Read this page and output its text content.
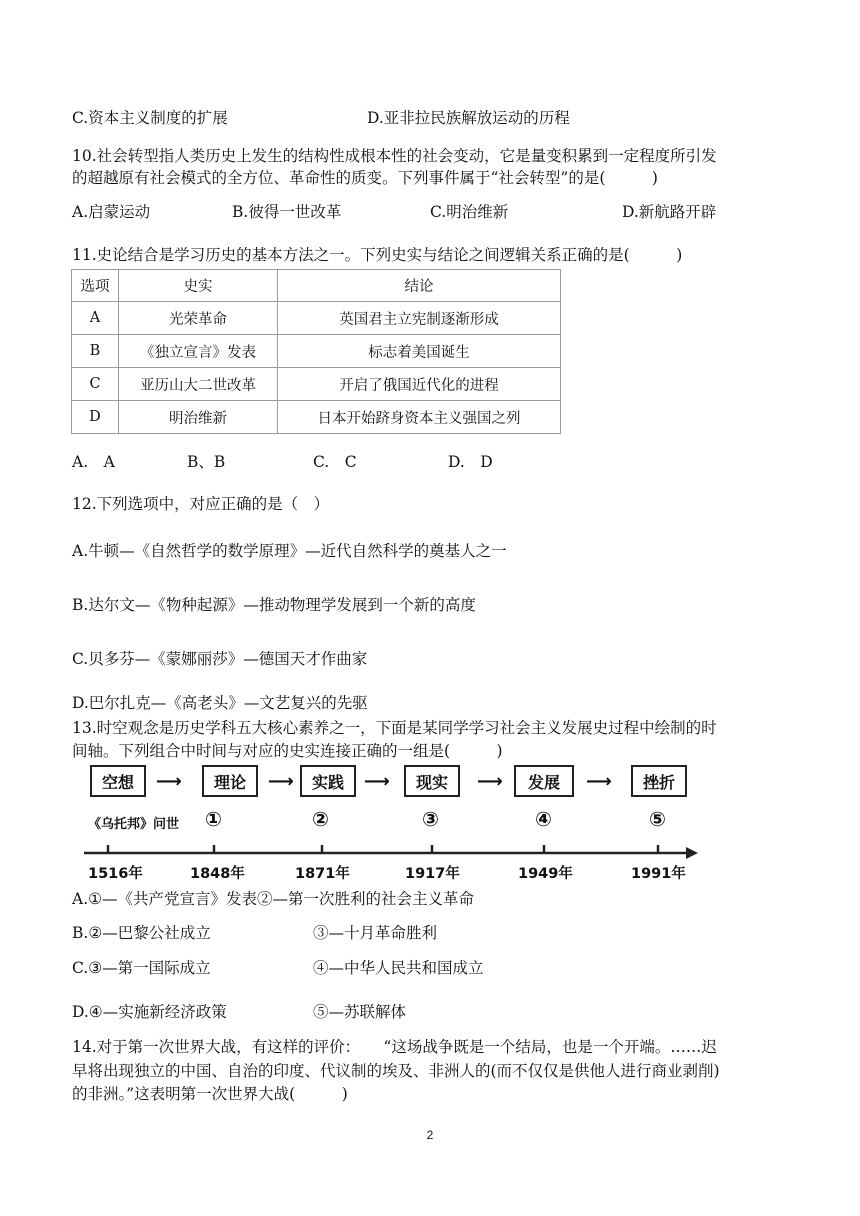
C.资本主义制度的扩展	D.亚非拉民族解放运动的历程
10.社会转型指人类历史上发生的结构性成根本性的社会变动，它是量变积累到一定程度所引发
的超越原有社会模式的全方位、革命性的质变。下列事件属于“社会转型”的是(　　　)
A.启蒙运动	B.彼得一世改革	C.明治维新	D.新航路开辟
11.史论结合是学习历史的基本方法之一。下列史实与结论之间逻辑关系正确的是(　　　)
选项	史实	结论
A	光荣革命	英国君主立宪制逐渐形成
B	《独立宣言》发表	标志着美国诞生
C	亚历山大二世改革	开启了俄国近代化的进程
D	明治维新	日本开始跻身资本主义强国之列
A.　A	B、B	C.　C	D.　D
12.下列选项中，对应正确的是（　）
A.牛顿—《自然哲学的数学原理》—近代自然科学的奠基人之一
B.达尔文—《物种起源》—推动物理学发展到一个新的高度
C.贝多芬—《蒙娜丽莎》—德国天才作曲家
D.巴尔扎克—《高老头》—文艺复兴的先驱
13.时空观念是历史学科五大核心素养之一，下面是某同学学习社会主义发展史过程中绘制的时
间轴。下列组合中时间与对应的史实连接正确的一组是(　　　)
空想	⟶	理论	⟶	实践	⟶	现实	⟶	发展	⟶	挫折
《乌托邦》问世 ①	②	③	④	⑤
1516年	1848年	1871年	1917年	1949年	1991年
A.①—《共产党宣言》发表②—第一次胜利的社会主义革命
B.②—巴黎公社成立	③—十月革命胜利
C.③—第一国际成立	④—中华人民共和国成立
D.④—实施新经济政策	⑤—苏联解体
14.对于第一次世界大战，有这样的评价：　　“这场战争既是一个结局，也是一个开端。……迟
早将出现独立的中国、自治的印度、代议制的埃及、非洲人的(而不仅仅是供他人进行商业剥削)
的非洲。”这表明第一次世界大战(　　　)
2
